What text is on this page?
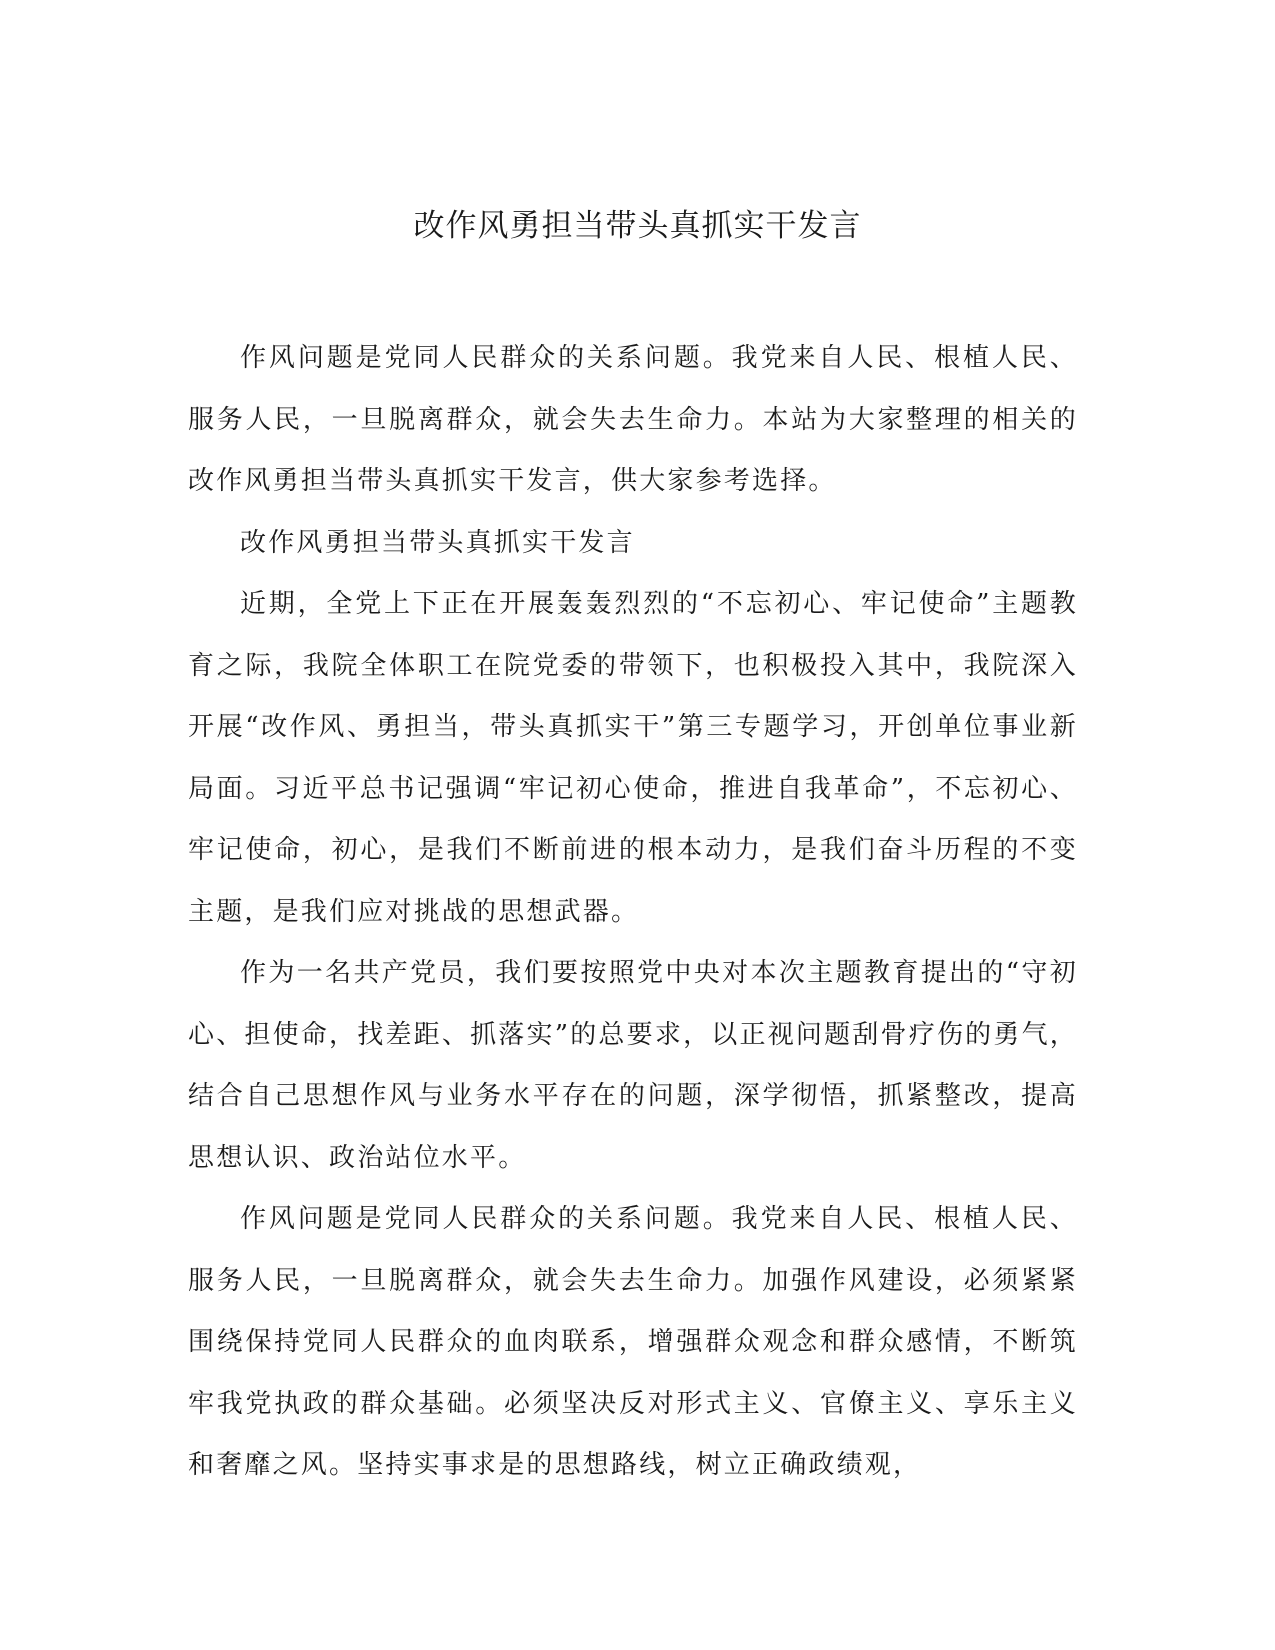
改作风勇担当带头真抓实干发言

作风问题是党同人民群众的关系问题。我党来自人民、根植人民、服务人民，一旦脱离群众，就会失去生命力。本站为大家整理的相关的改作风勇担当带头真抓实干发言，供大家参考选择。

改作风勇担当带头真抓实干发言

近期，全党上下正在开展轰轰烈烈的“不忘初心、牢记使命”主题教育之际，我院全体职工在院党委的带领下，也积极投入其中，我院深入开展“改作风、勇担当，带头真抓实干”第三专题学习，开创单位事业新局面。习近平总书记强调“牢记初心使命，推进自我革命”，不忘初心、牢记使命，初心，是我们不断前进的根本动力，是我们奋斗历程的不变主题，是我们应对挑战的思想武器。

作为一名共产党员，我们要按照党中央对本次主题教育提出的“守初心、担使命，找差距、抓落实”的总要求，以正视问题刮骨疗伤的勇气，结合自己思想作风与业务水平存在的问题，深学彻悟，抓紧整改，提高思想认识、政治站位水平。

作风问题是党同人民群众的关系问题。我党来自人民、根植人民、服务人民，一旦脱离群众，就会失去生命力。加强作风建设，必须紧紧围绕保持党同人民群众的血肉联系，增强群众观念和群众感情，不断筑牢我党执政的群众基础。必须坚决反对形式主义、官僚主义、享乐主义和奢靡之风。坚持实事求是的思想路线，树立正确政绩观，
